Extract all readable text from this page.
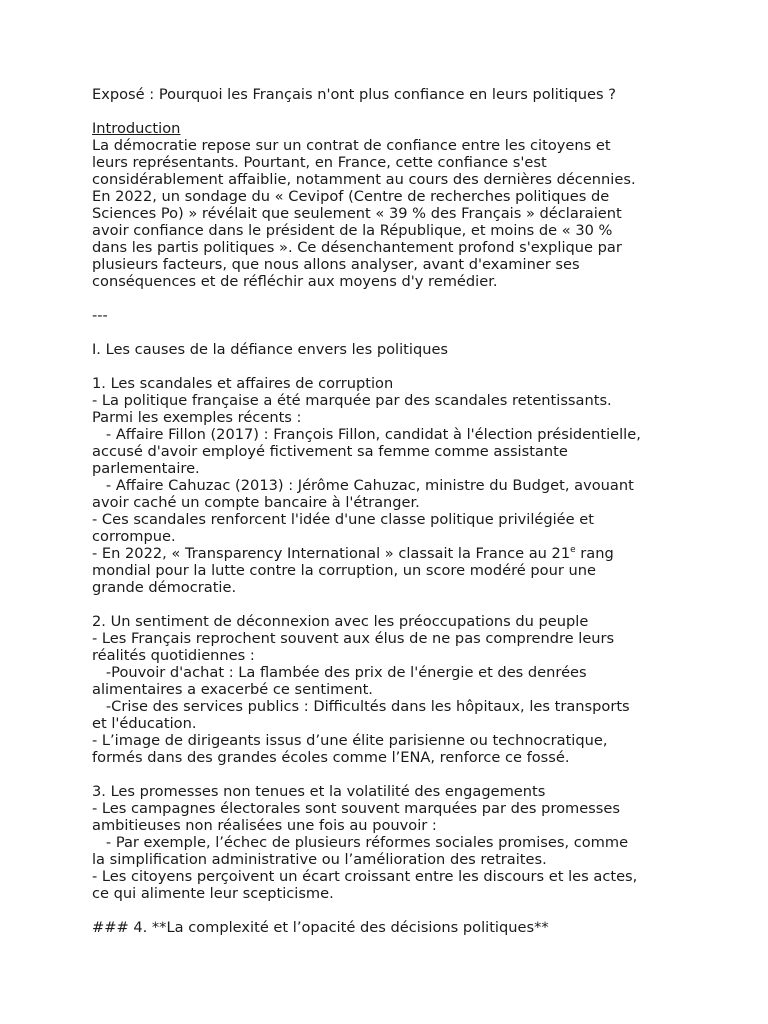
Exposé : Pourquoi les Français n'ont plus confiance en leurs politiques ?
Introduction
La démocratie repose sur un contrat de confiance entre les citoyens et
leurs représentants. Pourtant, en France, cette confiance s'est
considérablement affaiblie, notamment au cours des dernières décennies.
En 2022, un sondage du « Cevipof (Centre de recherches politiques de
Sciences Po) » révélait que seulement « 39 % des Français » déclaraient
avoir confiance dans le président de la République, et moins de « 30 %
dans les partis politiques ». Ce désenchantement profond s'explique par
plusieurs facteurs, que nous allons analyser, avant d'examiner ses
conséquences et de réfléchir aux moyens d'y remédier.
---
I. Les causes de la défiance envers les politiques
1. Les scandales et affaires de corruption
- La politique française a été marquée par des scandales retentissants.
Parmi les exemples récents :
- Affaire Fillon (2017) : François Fillon, candidat à l'élection présidentielle,
accusé d'avoir employé fictivement sa femme comme assistante
parlementaire.
- Affaire Cahuzac (2013) : Jérôme Cahuzac, ministre du Budget, avouant
avoir caché un compte bancaire à l'étranger.
- Ces scandales renforcent l'idée d'une classe politique privilégiée et
corrompue.
- En 2022, « Transparency International » classait la France au 21e rang
mondial pour la lutte contre la corruption, un score modéré pour une
grande démocratie.
2. Un sentiment de déconnexion avec les préoccupations du peuple
- Les Français reprochent souvent aux élus de ne pas comprendre leurs
réalités quotidiennes :
-Pouvoir d'achat : La flambée des prix de l'énergie et des denrées
alimentaires a exacerbé ce sentiment.
-Crise des services publics : Difficultés dans les hôpitaux, les transports
et l'éducation.
- L’image de dirigeants issus d’une élite parisienne ou technocratique,
formés dans des grandes écoles comme l’ENA, renforce ce fossé.
3. Les promesses non tenues et la volatilité des engagements
- Les campagnes électorales sont souvent marquées par des promesses
ambitieuses non réalisées une fois au pouvoir :
- Par exemple, l’échec de plusieurs réformes sociales promises, comme
la simplification administrative ou l’amélioration des retraites.
- Les citoyens perçoivent un écart croissant entre les discours et les actes,
ce qui alimente leur scepticisme.
### 4. **La complexité et l’opacité des décisions politiques**
